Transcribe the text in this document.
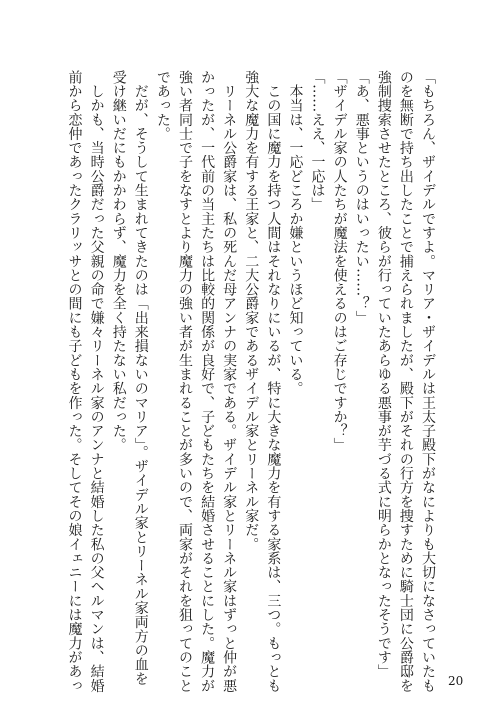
「もちろん、ザイデルですよ。マリア・ザイデルは王太子殿下がなによりも大切になさっていたも
のを無断で持ち出したことで捕えられましたが、殿下がそれの行方を捜すために騎士団に公爵邸を
強制捜索させたところ、彼らが行っていたあらゆる悪事が芋づる式に明らかとなったそうです」
「あ、悪事というのはいったい……？」
「ザイデル家の人たちが魔法を使えるのはご存じですか？」
「……ええ、一応は」
　本当は、一応どころか嫌というほど知っている。
　この国に魔力を持つ人間はそれなりにいるが、特に大きな魔力を有する家系は、三つ。もっとも
強大な魔力を有する王家と、二大公爵家であるザイデル家とリーネル家だ。
　リーネル公爵家は、私の死んだ母アンナの実家である。ザイデル家とリーネル家はずっと仲が悪
かったが、一代前の当主たちは比較的関係が良好で、子どもたちを結婚させることにした。魔力が
強い者同士で子をなすとより魔力の強い者が生まれることが多いので、両家がそれを狙ってのこと
であった。
　だが、そうして生まれてきたのは「出来損ないのマリア」。ザイデル家とリーネル家両方の血を
受け継いだにもかかわらず、魔力を全く持たない私だった。
　しかも、当時公爵だった父親の命で嫌々リーネル家のアンナと結婚した私の父ヘルマンは、結婚
前から恋仲であったクラリッサとの間にも子どもを作った。そしてその娘イェニーには魔力があっ	20
